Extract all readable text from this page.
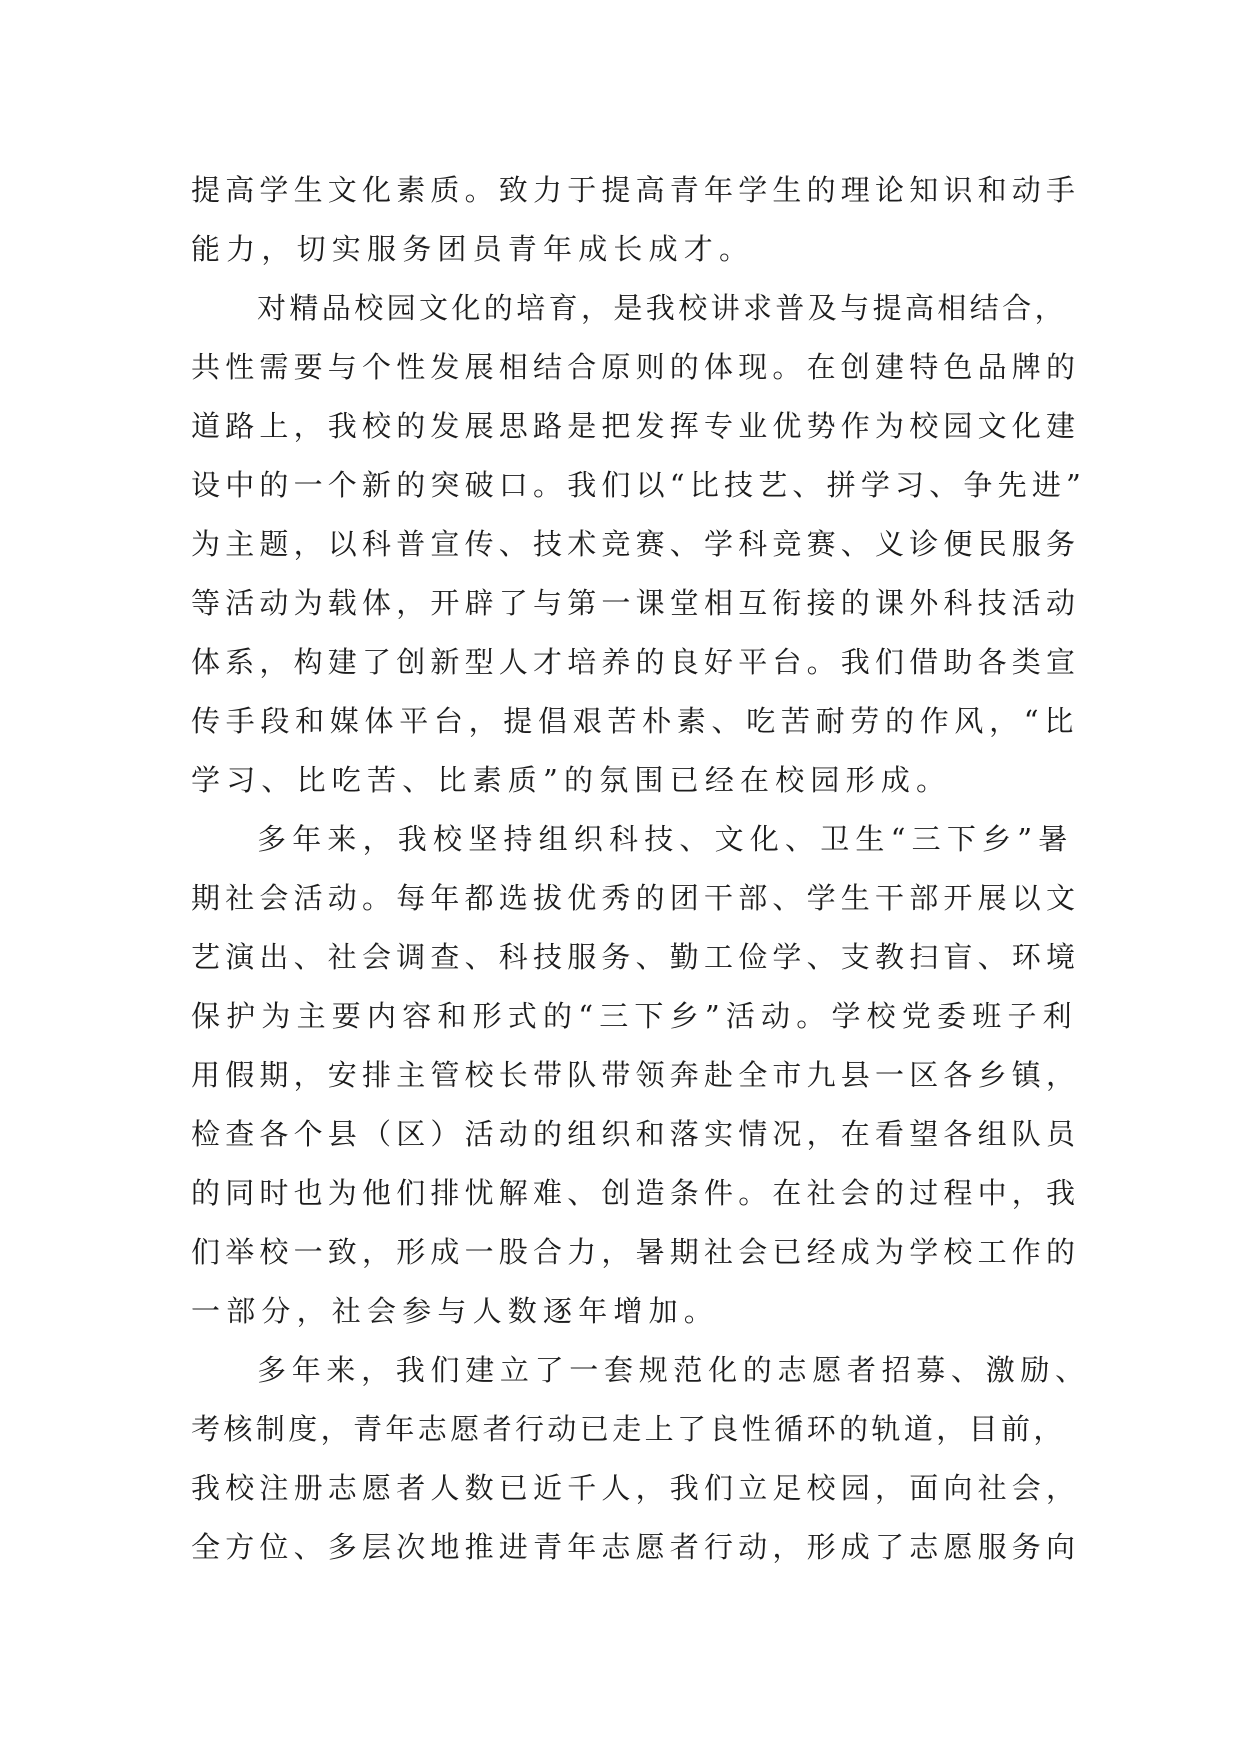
提高学生文化素质。致力于提高青年学生的理论知识和动手
能力，切实服务团员青年成长成才。
对精品校园文化的培育，是我校讲求普及与提高相结合，
共性需要与个性发展相结合原则的体现。在创建特色品牌的
道路上，我校的发展思路是把发挥专业优势作为校园文化建
设中的一个新的突破口。我们以“比技艺、拼学习、争先进”
为主题，以科普宣传、技术竞赛、学科竞赛、义诊便民服务
等活动为载体，开辟了与第一课堂相互衔接的课外科技活动
体系，构建了创新型人才培养的良好平台。我们借助各类宣
传手段和媒体平台，提倡艰苦朴素、吃苦耐劳的作风，“比
学习、比吃苦、比素质”的氛围已经在校园形成。
多年来，我校坚持组织科技、文化、卫生“三下乡”暑
期社会活动。每年都选拔优秀的团干部、学生干部开展以文
艺演出、社会调查、科技服务、勤工俭学、支教扫盲、环境
保护为主要内容和形式的“三下乡”活动。学校党委班子利
用假期，安排主管校长带队带领奔赴全市九县一区各乡镇，
检查各个县（区）活动的组织和落实情况，在看望各组队员
的同时也为他们排忧解难、创造条件。在社会的过程中，我
们举校一致，形成一股合力，暑期社会已经成为学校工作的
一部分，社会参与人数逐年增加。
多年来，我们建立了一套规范化的志愿者招募、激励、
考核制度，青年志愿者行动已走上了良性循环的轨道，目前，
我校注册志愿者人数已近千人，我们立足校园，面向社会，
全方位、多层次地推进青年志愿者行动，形成了志愿服务向
